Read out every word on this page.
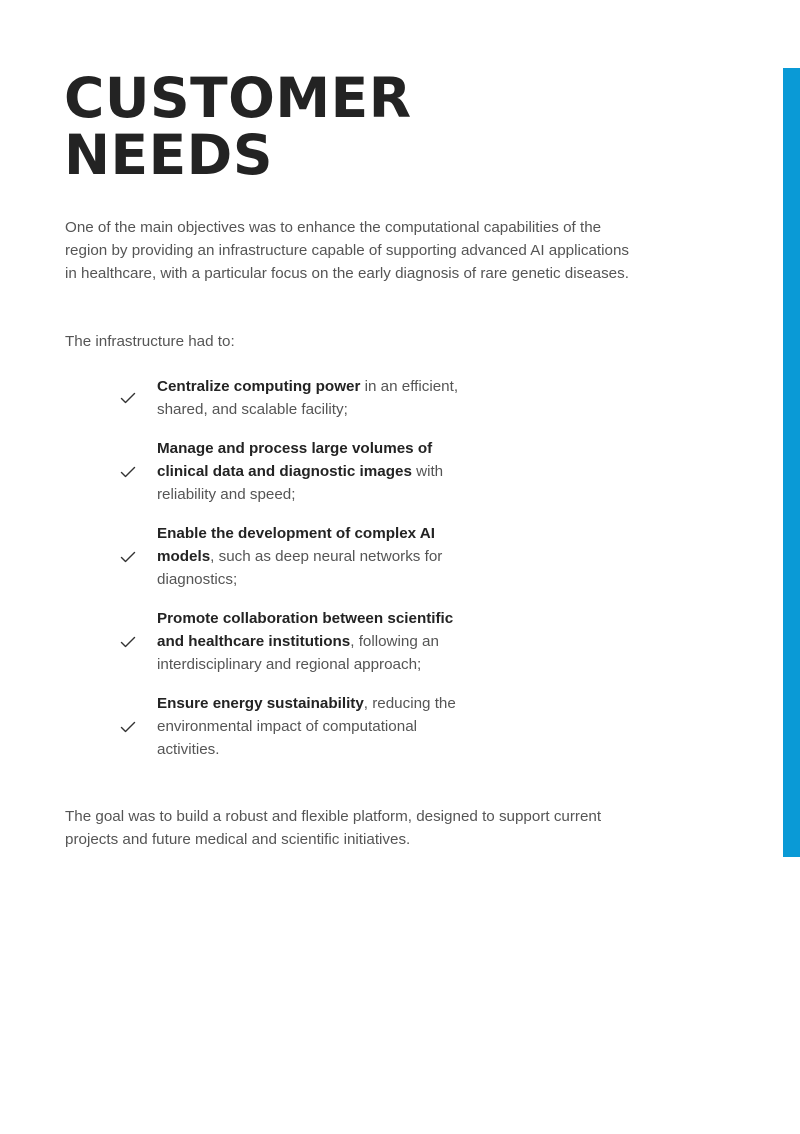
CUSTOMER
NEEDS

One of the main objectives was to enhance the computational capabilities of the region by providing an infrastructure capable of supporting advanced AI applications in healthcare, with a particular focus on the early diagnosis of rare genetic diseases.

The infrastructure had to:

Centralize computing power in an efficient, shared, and scalable facility;
Manage and process large volumes of clinical data and diagnostic images with reliability and speed;
Enable the development of complex AI models, such as deep neural networks for diagnostics;
Promote collaboration between scientific and healthcare institutions, following an interdisciplinary and regional approach;
Ensure energy sustainability, reducing the environmental impact of computational activities.

The goal was to build a robust and flexible platform, designed to support current projects and future medical and scientific initiatives.
